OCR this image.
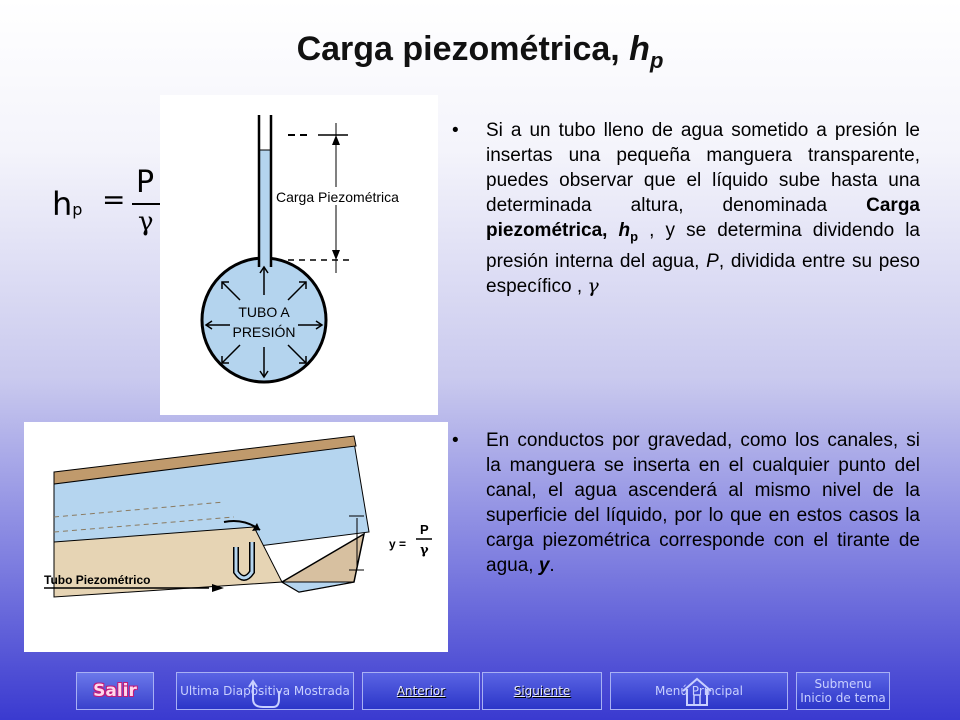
Carga piezométrica, $h_p$
hp = P
γ
Carga Piezométrica
TUBO A
PRESIÓN
Tubo Piezométrico
y =
P
γ
• Si a un tubo lleno de agua sometido a presión le insertas una pequeña manguera transparente, puedes observar que el líquido sube hasta una determinada altura, denominada Carga piezométrica, $h_p$ , y se determina dividendo la presión interna del agua, P, dividida entre su peso específico , γ
• En conductos por gravedad, como los canales, si la manguera se inserta en el cualquier punto del canal, el agua ascenderá al mismo nivel de la superficie del líquido, por lo que en estos casos la carga piezométrica corresponde con el tirante de agua, y.
Salir	Ultima Diapositiva Mostrada	Anterior	Siguiente	Menú Principal	Submenu
Inicio de tema
